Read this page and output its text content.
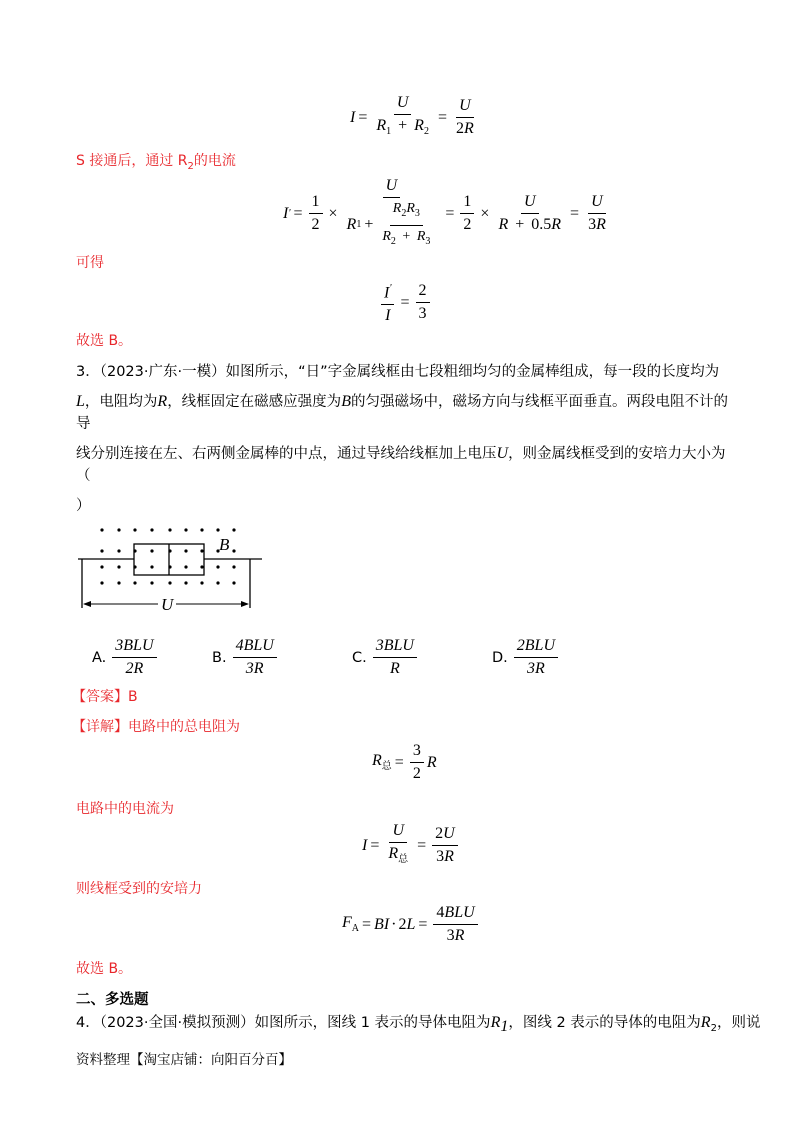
$I = \frac{U}{R_1 + R_2} = \frac{U}{2R}$
S 接通后，通过 $R_2$的电流
I ' = $\frac{1}{2} \times \frac{U}{R 1 + \frac{R_2R_3}{R_2 + R_3}} = \frac{1}{2} \times \frac{U}{R + 0.5R} = \frac{U}{3R}$
可得
$\frac{I'}{I} = \frac{2}{3}$
故选 B。
3．（2023·广东·一模）如图所示，“日”字金属线框由七段粗细均匀的金属棒组成，每一段的长度均为
L，电阻均为R，线框固定在磁感应强度为B的匀强磁场中，磁场方向与线框平面垂直。两段电阻不计的导
线分别连接在左、右两侧金属棒的中点，通过导线给线框加上电压U，则金属线框受到的安培力大小为（
）
B
U
A. $\frac{\text{3BLU}}{2R}$	B. $\frac{\text{4BLU}}{3R}$	C. $\frac{\text{3BLU}}{R}$	D. $\frac{\text{2BLU}}{3R}$
【答案】B
【详解】电路中的总电阻为
$R_总 = \frac{3}{2}$ R
电路中的电流为
$I = \frac{U}{R_总} = \frac{2U}{3R}$
则线框受到的安培力
$F_A$ = BI · $2L = \frac{\text{4BLU}}{3R}$
故选 B。
二、多选题
4．（2023·全国·模拟预测）如图所示，图线 1 表示的导体电阻为$R_1$，图线 2 表示的导体的电阻为$R_2$，则说
资料整理【淘宝店铺：向阳百分百】
